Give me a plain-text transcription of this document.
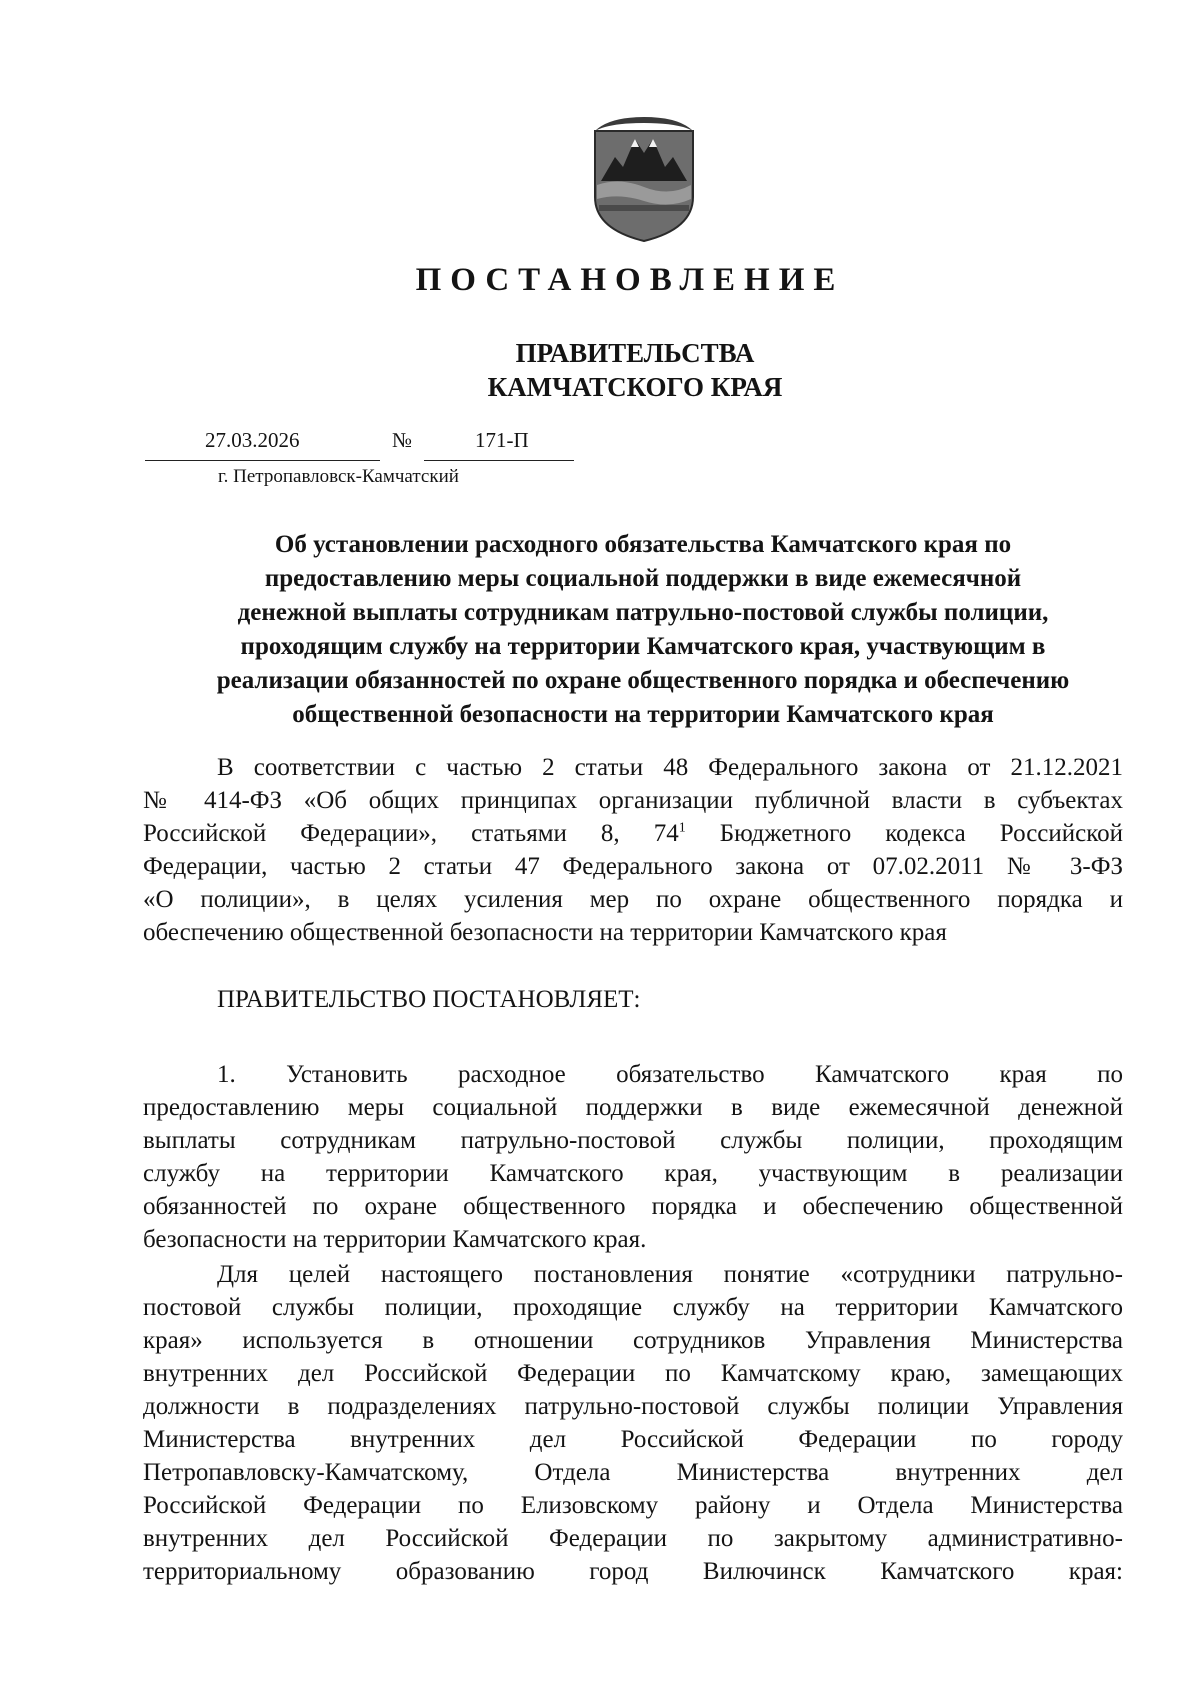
ПОСТАНОВЛЕНИЕ
ПРАВИТЕЛЬСТВА
КАМЧАТСКОГО КРАЯ
27.03.2026	№	171-П
г. Петропавловск-Камчатский
Об установлении расходного обязательства Камчатского края по
предоставлению меры социальной поддержки в виде ежемесячной
денежной выплаты сотрудникам патрульно-постовой службы полиции,
проходящим службу на территории Камчатского края, участвующим в
реализации обязанностей по охране общественного порядка и обеспечению
общественной безопасности на территории Камчатского края
В соответствии с частью 2 статьи 48 Федерального закона от 21.12.2021
№ 414-ФЗ «Об общих принципах организации публичной власти в субъектах
Российской Федерации», статьями 8, $74^1$ Бюджетного кодекса Российской
Федерации, частью 2 статьи 47 Федерального закона от 07.02.2011 № 3-ФЗ
«О полиции», в целях усиления мер по охране общественного порядка и
обеспечению общественной безопасности на территории Камчатского края
ПРАВИТЕЛЬСТВО ПОСТАНОВЛЯЕТ:
1. Установить расходное обязательство Камчатского края по
предоставлению меры социальной поддержки в виде ежемесячной денежной
выплаты сотрудникам патрульно-постовой службы полиции, проходящим
службу на территории Камчатского края, участвующим в реализации
обязанностей по охране общественного порядка и обеспечению общественной
безопасности на территории Камчатского края.
Для целей настоящего постановления понятие «сотрудники патрульно-
постовой службы полиции, проходящие службу на территории Камчатского
края» используется в отношении сотрудников Управления Министерства
внутренних дел Российской Федерации по Камчатскому краю, замещающих
должности в подразделениях патрульно-постовой службы полиции Управления
Министерства внутренних дел Российской Федерации по городу
Петропавловску-Камчатскому, Отдела Министерства внутренних дел
Российской Федерации по Елизовскому району и Отдела Министерства
внутренних дел Российской Федерации по закрытому административно-
территориальному образованию город Вилючинск Камчатского края:
